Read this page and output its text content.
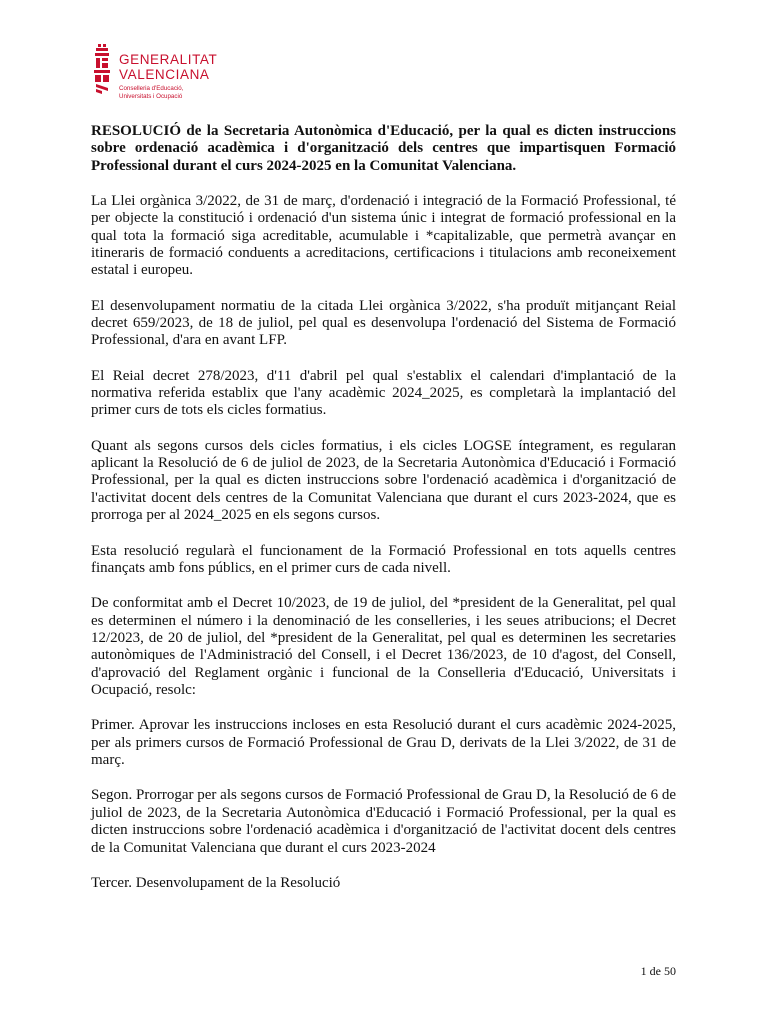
GENERALITAT
VALENCIANA
Conselleria d'Educació,
Universitats i Ocupació

RESOLUCIÓ de la Secretaria Autonòmica d'Educació, per la qual es dicten instruccions sobre ordenació acadèmica i d'organització dels centres que impartisquen Formació Professional durant el curs 2024-2025 en la Comunitat Valenciana.

La Llei orgànica 3/2022, de 31 de març, d'ordenació i integració de la Formació Professional, té per objecte la constitució i ordenació d'un sistema únic i integrat de formació professional en la qual tota la formació siga acreditable, acumulable i *capitalizable, que permetrà avançar en itineraris de formació conduents a acreditacions, certificacions i titulacions amb reconeixement estatal i europeu.

El desenvolupament normatiu de la citada Llei orgànica 3/2022, s'ha produït mitjançant Reial decret 659/2023, de 18 de juliol, pel qual es desenvolupa l'ordenació del Sistema de Formació Professional, d'ara en avant LFP.

El Reial decret 278/2023, d'11 d'abril pel qual s'establix el calendari d'implantació de la normativa referida establix que l'any acadèmic 2024_2025, es completarà la implantació del primer curs de tots els cicles formatius.

Quant als segons cursos dels cicles formatius, i els cicles LOGSE íntegrament, es regularan aplicant la Resolució de 6 de juliol de 2023, de la Secretaria Autonòmica d'Educació i Formació Professional, per la qual es dicten instruccions sobre l'ordenació acadèmica i d'organització de l'activitat docent dels centres de la Comunitat Valenciana que durant el curs 2023-2024, que es prorroga per al 2024_2025 en els segons cursos.

Esta resolució regularà el funcionament de la Formació Professional en tots aquells centres finançats amb fons públics, en el primer curs de cada nivell.

De conformitat amb el Decret 10/2023, de 19 de juliol, del *president de la Generalitat, pel qual es determinen el número i la denominació de les conselleries, i les seues atribucions; el Decret 12/2023, de 20 de juliol, del *president de la Generalitat, pel qual es determinen les secretaries autonòmiques de l'Administració del Consell, i el Decret 136/2023, de 10 d'agost, del Consell, d'aprovació del Reglament orgànic i funcional de la Conselleria d'Educació, Universitats i Ocupació, resolc:

Primer. Aprovar les instruccions incloses en esta Resolució durant el curs acadèmic 2024-2025, per als primers cursos de Formació Professional de Grau D, derivats de la Llei 3/2022, de 31 de març.

Segon. Prorrogar per als segons cursos de Formació Professional de Grau D, la Resolució de 6 de juliol de 2023, de la Secretaria Autonòmica d'Educació i Formació Professional, per la qual es dicten instruccions sobre l'ordenació acadèmica i d'organització de l'activitat docent dels centres de la Comunitat Valenciana que durant el curs 2023-2024

Tercer. Desenvolupament de la Resolució

1 de 50
